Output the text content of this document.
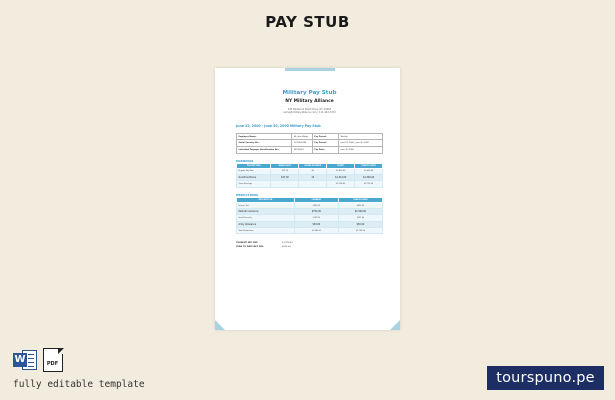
PAY STUB
Military Pay Stub
NY Military Alliance
245 Redwood Road Drive, NY 10965
name@militaryalliance.com | 111-444-7272
June 22, 2000 - June 30, 2000 Military Pay Stub
Employee Name:	Mr. John Wright	Pay Period:	Weekly
Social Security No.:	123-45-6789	Pay Period:	June 22, 2000 - June 30, 2000
Individual Taxpayer Identification No.:	987-654-3	Pay Date:	June 30, 2000
EARNINGS
DESCRIPTION	WAGE/SHIFT	HOURS WORKED	CREDIT	YEAR-TO-DATE
Regular Pay Rate	$17.50	40	$1,450.00	$1,450.00
Overtime Bonus	$27.00	15	$1,314.00	$1,300.00
Gross Earnings			$2,764.00	$2,750.00
DEDUCTIONS
DESCRIPTION	CURRENT	YEAR-TO-DATE
Income Tax	$453.00	$453.00
Medical Insurance	$750.00	$1,500.00
Social Security	$132.00	$132.00
Army Allowance	$50.00	$50.00
Total Deductions	$1,385.00	$2,135.00
CURRENT NET PAY:	$1,379.00
YEAR TO DATE NET PAY:	$615.00
W	PDF
fully editable template	tourspuno.pe
